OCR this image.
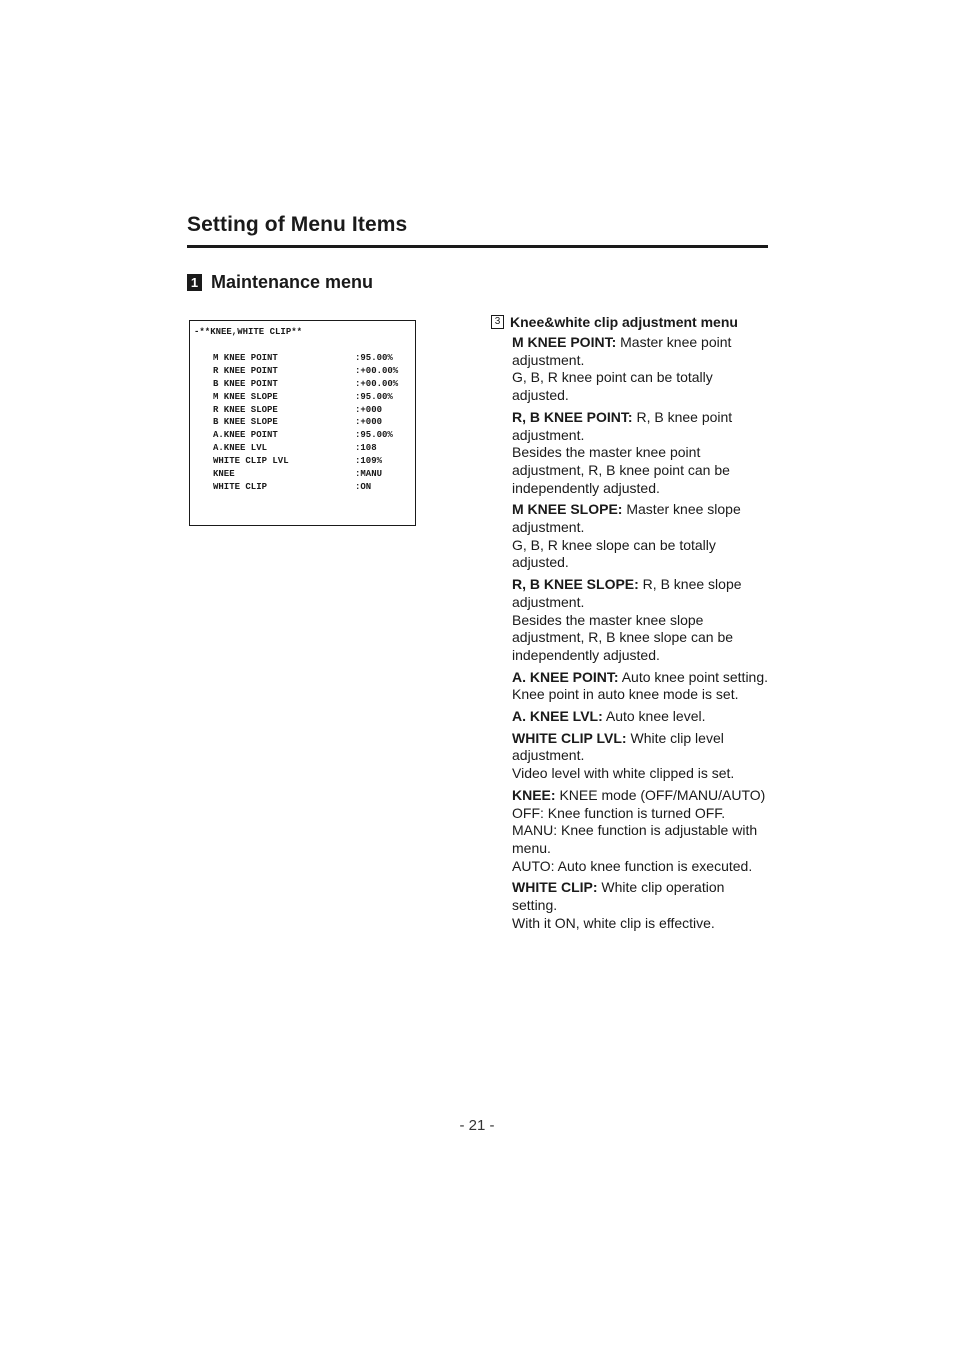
Setting of Menu Items
1 Maintenance menu

-**KNEE,WHITE CLIP**

M KNEE POINT	:95.00%
R KNEE POINT	:+00.00%
B KNEE POINT	:+00.00%
M KNEE SLOPE	:95.00%
R KNEE SLOPE	:+000
B KNEE SLOPE	:+000
A.KNEE POINT	:95.00%
A.KNEE LVL	:108
WHITE CLIP LVL	:109%
KNEE	:MANU
WHITE CLIP	:ON
3 Knee&white clip adjustment menu

M KNEE POINT: Master knee point adjustment.

G, B, R knee point can be totally adjusted.

R, B KNEE POINT: R, B knee point adjustment.

Besides the master knee point adjustment, R, B knee point can be independently adjusted.

M KNEE SLOPE: Master knee slope adjustment.

G, B, R knee slope can be totally adjusted.

R, B KNEE SLOPE: R, B knee slope adjustment.

Besides the master knee slope adjustment, R, B knee slope can be independently adjusted.

A. KNEE POINT: Auto knee point setting. Knee point in auto knee mode is set.

A. KNEE LVL: Auto knee level.

WHITE CLIP LVL: White clip level adjustment.

Video level with white clipped is set.

KNEE: KNEE mode (OFF/MANU/AUTO)

OFF: Knee function is turned OFF.

MANU: Knee function is adjustable with menu.

AUTO: Auto knee function is executed.

WHITE CLIP: White clip operation setting.

With it ON, white clip is effective.

- 21 -
